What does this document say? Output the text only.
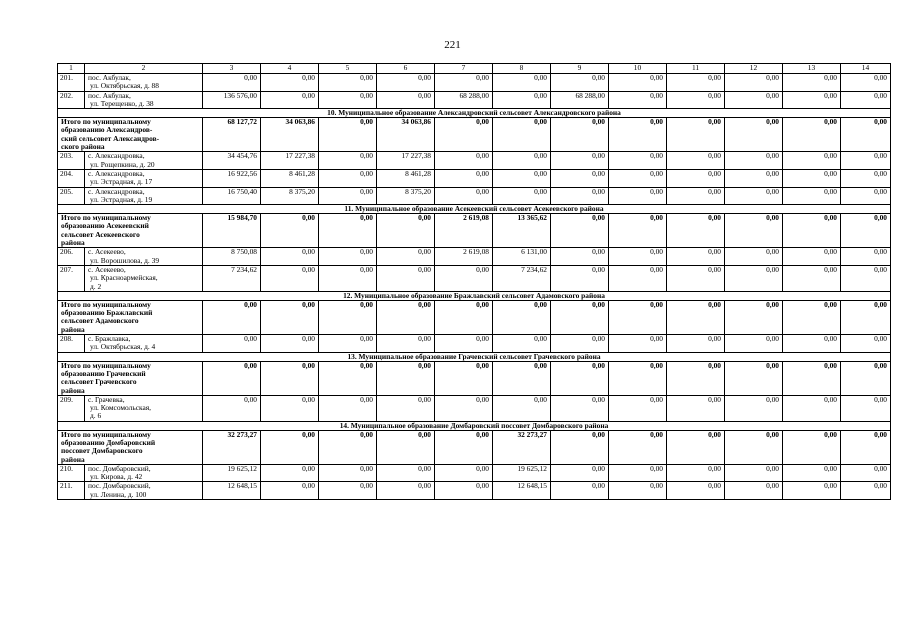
221
1	2	3	4	5	6	7	8	9	10	11	12	13	14
201.	пос. Акбулак,
ул. Октябрьская, д. 88	0,00	0,00	0,00	0,00	0,00	0,00	0,00	0,00	0,00	0,00	0,00	0,00
202.	пос. Акбулак,
ул. Терещенко, д. 38	136 576,00	0,00	0,00	0,00	68 288,00	0,00	68 288,00	0,00	0,00	0,00	0,00	0,00
10. Муниципальное образование Александровский сельсовет Александровского района													

Итого по муниципальному
образованию Александров-
ский сельсовет Александров-
ского района		68 127,72	34 063,86	0,00	34 063,86	0,00	0,00	0,00	0,00	0,00	0,00	0,00	0,00
203.	с. Александровка,
ул. Рощепкина, д. 20	34 454,76	17 227,38	0,00	17 227,38	0,00	0,00	0,00	0,00	0,00	0,00	0,00	0,00
204.	с. Александровка,
ул. Эстрадная, д. 17	16 922,56	8 461,28	0,00	8 461,28	0,00	0,00	0,00	0,00	0,00	0,00	0,00	0,00
205.	с. Александровка,
ул. Эстрадная, д. 19	16 750,40	8 375,20	0,00	8 375,20	0,00	0,00	0,00	0,00	0,00	0,00	0,00	0,00
11. Муниципальное образование Асекеевский сельсовет Асекеевского района													

Итого по муниципальному
образованию Асекеевский
сельсовет Асекеевского
района		15 984,70	0,00	0,00	0,00	2 619,08	13 365,62	0,00	0,00	0,00	0,00	0,00	0,00
206.	с. Асекеево,
ул. Ворошилова, д. 39	8 750,08	0,00	0,00	0,00	2 619,08	6 131,00	0,00	0,00	0,00	0,00	0,00	0,00
207.	с. Асекеево,
ул. Красноармейская,
д. 2	7 234,62	0,00	0,00	0,00	0,00	7 234,62	0,00	0,00	0,00	0,00	0,00	0,00
12. Муниципальное образование Бражлавский сельсовет Адамовского района													

Итого по муниципальному
образованию Бражлавский
сельсовет Адамовского
района		0,00	0,00	0,00	0,00	0,00	0,00	0,00	0,00	0,00	0,00	0,00	0,00
208.	с. Бражлавка,
ул. Октябрьская, д. 4	0,00	0,00	0,00	0,00	0,00	0,00	0,00	0,00	0,00	0,00	0,00	0,00
13. Муниципальное образование Грачевский сельсовет Грачевского района													

Итого по муниципальному
образованию Грачевский
сельсовет Грачевского
района		0,00	0,00	0,00	0,00	0,00	0,00	0,00	0,00	0,00	0,00	0,00	0,00
209.	с. Грачевка,
ул. Комсомольская,
д. 6	0,00	0,00	0,00	0,00	0,00	0,00	0,00	0,00	0,00	0,00	0,00	0,00
14. Муниципальное образование Домбаровский поссовет Домбаровского района													

Итого по муниципальному
образованию Домбаровский
поссовет Домбаровского
района		32 273,27	0,00	0,00	0,00	0,00	32 273,27	0,00	0,00	0,00	0,00	0,00	0,00
210.	пос. Домбаровский,
ул. Кирова, д. 42	19 625,12	0,00	0,00	0,00	0,00	19 625,12	0,00	0,00	0,00	0,00	0,00	0,00
211.	пос. Домбаровский,
ул. Ленина, д. 100	12 648,15	0,00	0,00	0,00	0,00	12 648,15	0,00	0,00	0,00	0,00	0,00	0,00
